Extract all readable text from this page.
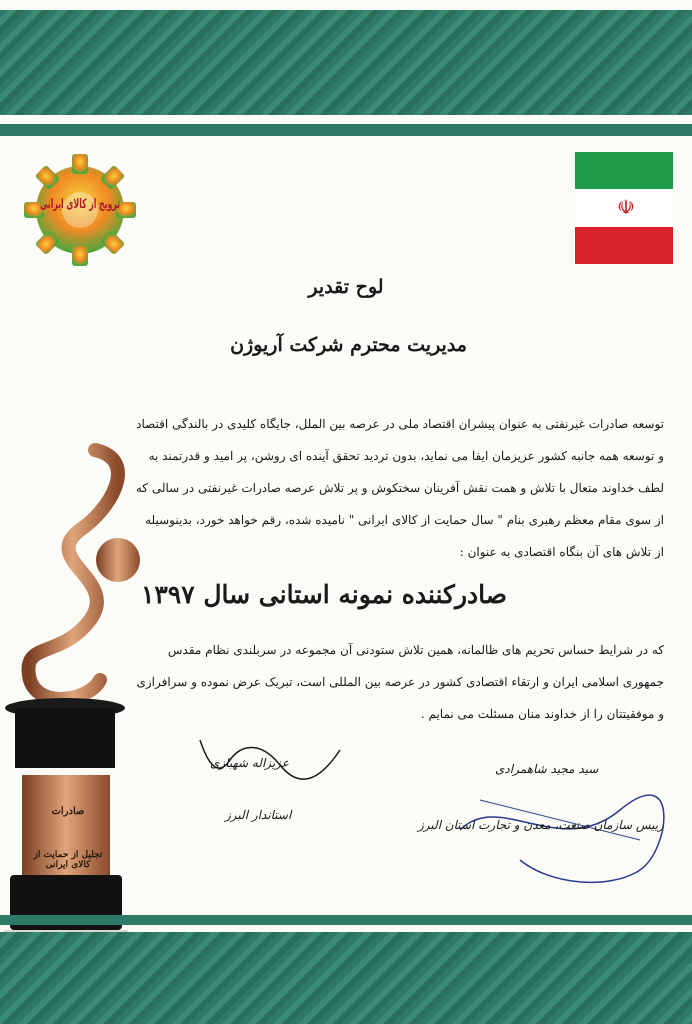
ترویج از کالای ایرانی	☫
لوح تقدیر
مدیریت محترم شرکت آریوژن
توسعه صادرات غیرنفتی به عنوان پیشران اقتصاد ملی در عرصه بین الملل، جایگاه کلیدی در بالندگی اقتصاد و توسعه همه جانبه کشور عزیزمان ایفا می نماید، بدون تردید تحقق آینده ای روشن، پر امید و قدرتمند به لطف خداوند متعال با تلاش و همت نقش آفرینان سختکوش و پر تلاش عرصه صادرات غیرنفتی در سالی که از سوی مقام معظم رهبری بنام " سال حمایت از کالای ایرانی " نامیده شده، رقم خواهد خورد، بدینوسیله از تلاش های آن بنگاه اقتصادی به عنوان :
صادرکننده نمونه استانی سال ۱۳۹۷
که در شرایط حساس تحریم های ظالمانه، همین تلاش ستودنی آن مجموعه در سربلندی نظام مقدس جمهوری اسلامی ایران و ارتقاء اقتصادی کشور در عرصه بین المللی است، تبریک عرض نموده و سرافرازی و موفقیتتان را از خداوند منان مسئلت می نمایم .
عزیزاله شهبازی
استاندار البرز
سید مجید شاهمرادی
رییس سازمان صنعت، معدن و تجارت استان البرز
صادرات
تجلیل از حمایت از کالای ایرانی
